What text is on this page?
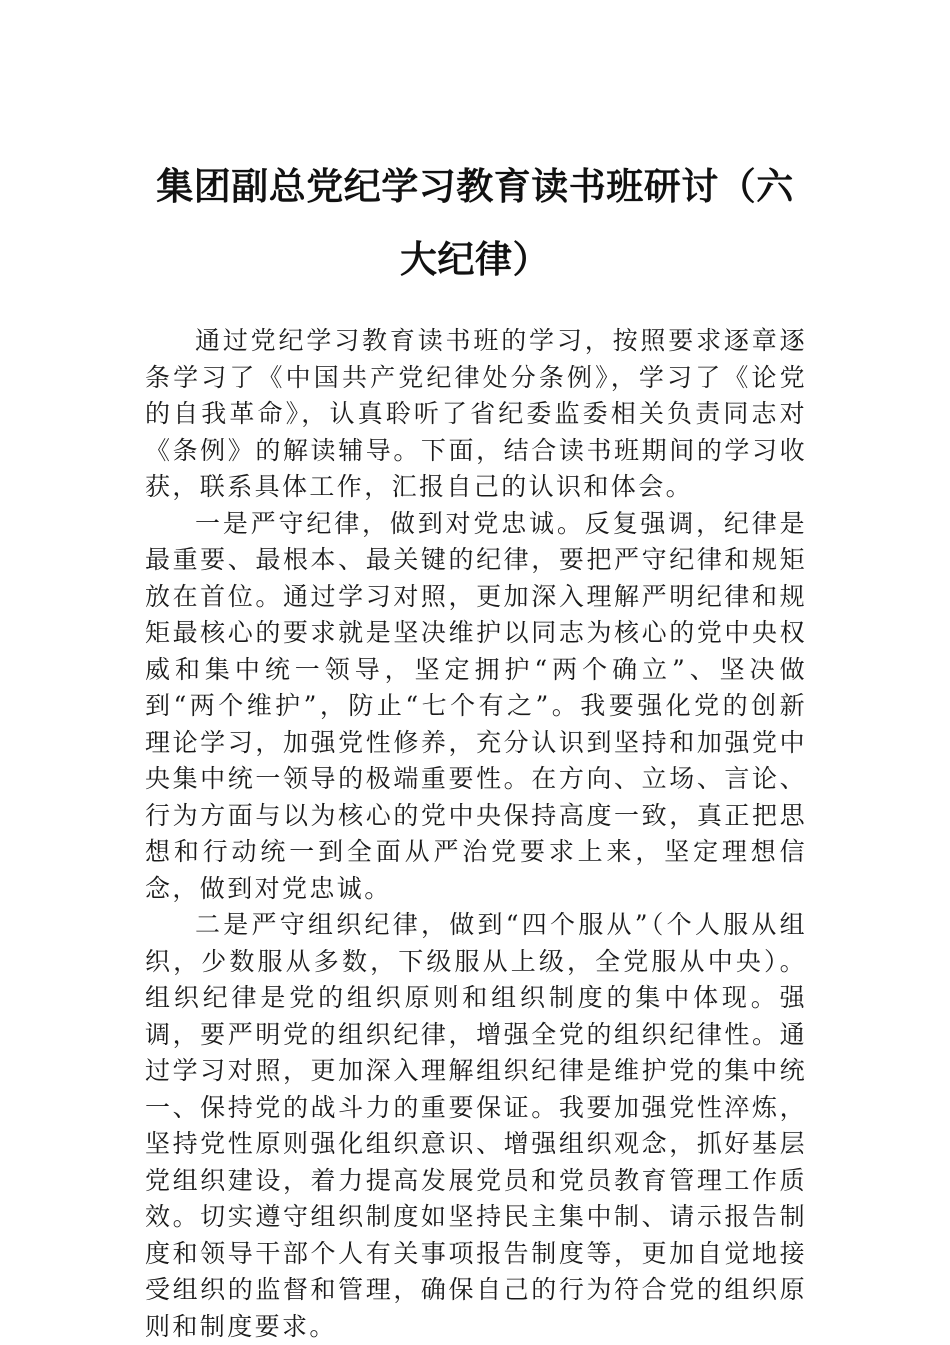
集团副总党纪学习教育读书班研讨（六大纪律）

通过党纪学习教育读书班的学习，按照要求逐章逐条学习了《中国共产党纪律处分条例》，学习了《论党的自我革命》，认真聆听了省纪委监委相关负责同志对《条例》的解读辅导。下面，结合读书班期间的学习收获，联系具体工作，汇报自己的认识和体会。

一是严守纪律，做到对党忠诚。反复强调，纪律是最重要、最根本、最关键的纪律，要把严守纪律和规矩放在首位。通过学习对照，更加深入理解严明纪律和规矩最核心的要求就是坚决维护以同志为核心的党中央权威和集中统一领导，坚定拥护“两个确立”、坚决做到“两个维护”，防止“七个有之”。我要强化党的创新理论学习，加强党性修养，充分认识到坚持和加强党中央集中统一领导的极端重要性。在方向、立场、言论、行为方面与以为核心的党中央保持高度一致，真正把思想和行动统一到全面从严治党要求上来，坚定理想信念，做到对党忠诚。

二是严守组织纪律，做到“四个服从”（个人服从组织，少数服从多数，下级服从上级，全党服从中央）。组织纪律是党的组织原则和组织制度的集中体现。强调，要严明党的组织纪律，增强全党的组织纪律性。通过学习对照，更加深入理解组织纪律是维护党的集中统一、保持党的战斗力的重要保证。我要加强党性淬炼，坚持党性原则强化组织意识、增强组织观念，抓好基层党组织建设，着力提高发展党员和党员教育管理工作质效。切实遵守组织制度如坚持民主集中制、请示报告制度和领导干部个人有关事项报告制度等，更加自觉地接受组织的监督和管理，确保自己的行为符合党的组织原则和制度要求。
